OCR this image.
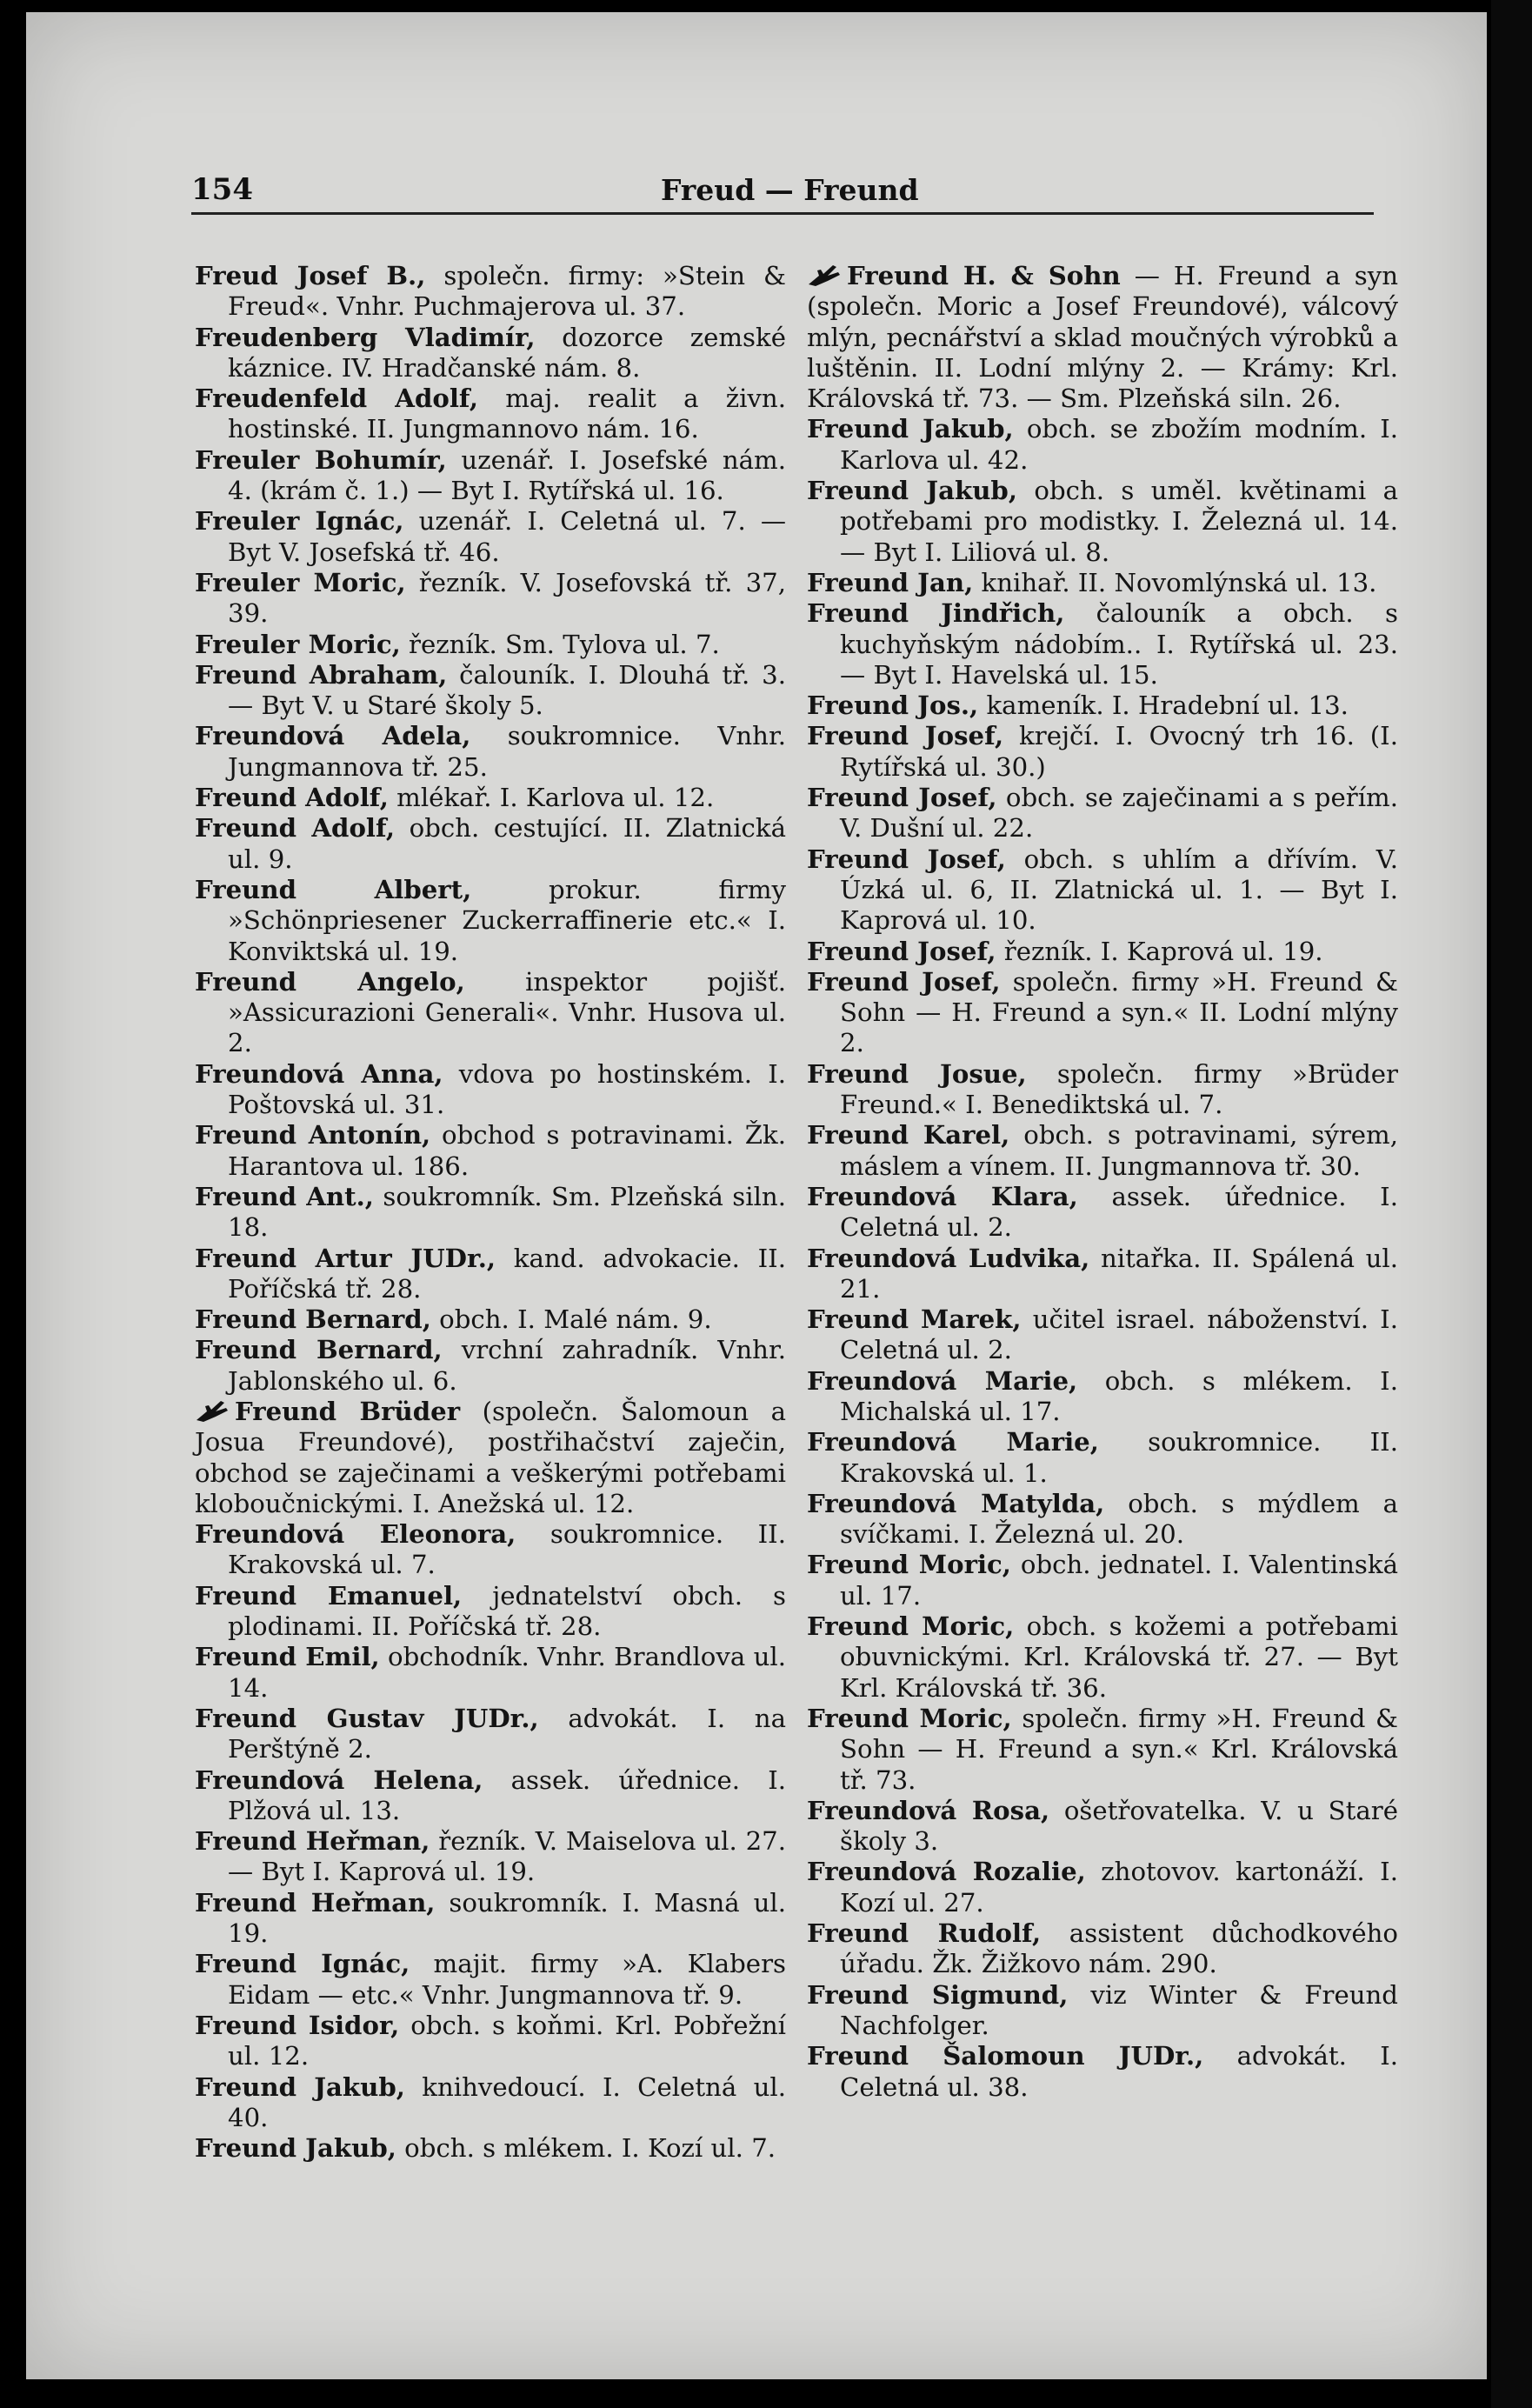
154	Freud — Freund
Freud Josef B., společn. firmy: »Stein & Freud«. Vnhr. Puchmajerova ul. 37.
Freudenberg Vladimír, dozorce zemské káznice. IV. Hradčanské nám. 8.
Freudenfeld Adolf, maj. realit a živn. hostinské. II. Jungmannovo nám. 16.
Freuler Bohumír, uzenář. I. Josefské nám. 4. (krám č. 1.) — Byt I. Rytířská ul. 16.
Freuler Ignác, uzenář. I. Celetná ul. 7. — Byt V. Josefská tř. 46.
Freuler Moric, řezník. V. Josefovská tř. 37, 39.
Freuler Moric, řezník. Sm. Tylova ul. 7.
Freund Abraham, čalouník. I. Dlouhá tř. 3. — Byt V. u Staré školy 5.
Freundová Adela, soukromnice. Vnhr. Jungmannova tř. 25.
Freund Adolf, mlékař. I. Karlova ul. 12.
Freund Adolf, obch. cestující. II. Zlatnická ul. 9.
Freund Albert, prokur. firmy »Schönpriesener Zuckerraffinerie etc.« I. Konviktská ul. 19.
Freund Angelo, inspektor pojišť. »Assicurazioni Generali«. Vnhr. Husova ul. 2.
Freundová Anna, vdova po hostinském. I. Poštovská ul. 31.
Freund Antonín, obchod s potravinami. Žk. Harantova ul. 186.
Freund Ant., soukromník. Sm. Plzeňská siln. 18.
Freund Artur JUDr., kand. advokacie. II. Poříčská tř. 28.
Freund Bernard, obch. I. Malé nám. 9.
Freund Bernard, vrchní zahradník. Vnhr. Jablonského ul. 6.
Freund Brüder (společn. Šalomoun a Josua Freundové), postřihačství zaječin, obchod se zaječinami a veškerými potřebami kloboučnickými. I. Anežská ul. 12.
Freundová Eleonora, soukromnice. II. Krakovská ul. 7.
Freund Emanuel, jednatelství obch. s plodinami. II. Poříčská tř. 28.
Freund Emil, obchodník. Vnhr. Brandlova ul. 14.
Freund Gustav JUDr., advokát. I. na Perštýně 2.
Freundová Helena, assek. úřednice. I. Plžová ul. 13.
Freund Heřman, řezník. V. Maiselova ul. 27. — Byt I. Kaprová ul. 19.
Freund Heřman, soukromník. I. Masná ul. 19.
Freund Ignác, majit. firmy »A. Klabers Eidam — etc.« Vnhr. Jungmannova tř. 9.
Freund Isidor, obch. s koňmi. Krl. Pobřežní ul. 12.
Freund Jakub, knihvedoucí. I. Celetná ul. 40.
Freund Jakub, obch. s mlékem. I. Kozí ul. 7.
Freund H. & Sohn — H. Freund a syn (společn. Moric a Josef Freundové), válcový mlýn, pecnářství a sklad moučných výrobků a luštěnin. II. Lodní mlýny 2. — Krámy: Krl. Královská tř. 73. — Sm. Plzeňská siln. 26.
Freund Jakub, obch. se zbožím modním. I. Karlova ul. 42.
Freund Jakub, obch. s uměl. květinami a potřebami pro modistky. I. Železná ul. 14. — Byt I. Liliová ul. 8.
Freund Jan, knihař. II. Novomlýnská ul. 13.
Freund Jindřich, čalouník a obch. s kuchyňským nádobím.. I. Rytířská ul. 23. — Byt I. Havelská ul. 15.
Freund Jos., kameník. I. Hradební ul. 13.
Freund Josef, krejčí. I. Ovocný trh 16. (I. Rytířská ul. 30.)
Freund Josef, obch. se zaječinami a s peřím. V. Dušní ul. 22.
Freund Josef, obch. s uhlím a dřívím. V. Úzká ul. 6, II. Zlatnická ul. 1. — Byt I. Kaprová ul. 10.
Freund Josef, řezník. I. Kaprová ul. 19.
Freund Josef, společn. firmy »H. Freund & Sohn — H. Freund a syn.« II. Lodní mlýny 2.
Freund Josue, společn. firmy »Brüder Freund.« I. Benediktská ul. 7.
Freund Karel, obch. s potravinami, sýrem, máslem a vínem. II. Jungmannova tř. 30.
Freundová Klara, assek. úřednice. I. Celetná ul. 2.
Freundová Ludvika, nitařka. II. Spálená ul. 21.
Freund Marek, učitel israel. náboženství. I. Celetná ul. 2.
Freundová Marie, obch. s mlékem. I. Michalská ul. 17.
Freundová Marie, soukromnice. II. Krakovská ul. 1.
Freundová Matylda, obch. s mýdlem a svíčkami. I. Železná ul. 20.
Freund Moric, obch. jednatel. I. Valentinská ul. 17.
Freund Moric, obch. s kožemi a potřebami obuvnickými. Krl. Královská tř. 27. — Byt Krl. Královská tř. 36.
Freund Moric, společn. firmy »H. Freund & Sohn — H. Freund a syn.« Krl. Královská tř. 73.
Freundová Rosa, ošetřovatelka. V. u Staré školy 3.
Freundová Rozalie, zhotovov. kartonáží. I. Kozí ul. 27.
Freund Rudolf, assistent důchodkového úřadu. Žk. Žižkovo nám. 290.
Freund Sigmund, viz Winter & Freund Nachfolger.
Freund Šalomoun JUDr., advokát. I. Celetná ul. 38.
